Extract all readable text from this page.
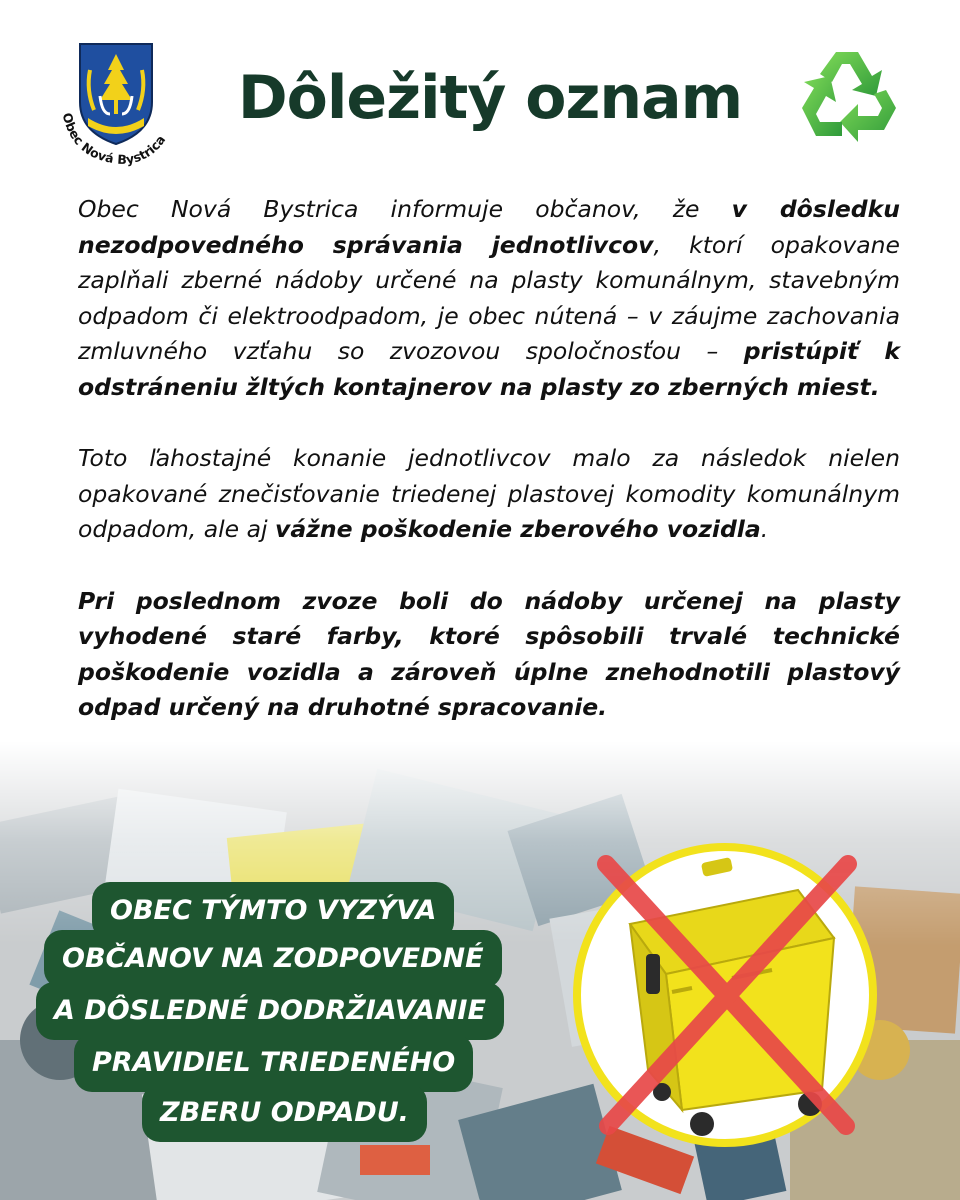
Obec Nová Bystrica
Dôležitý oznam

Obec Nová Bystrica informuje občanov, že v dôsledku nezodpovedného správania jednotlivcov, ktorí opakovane zaplňali zberné nádoby určené na plasty komunálnym, stavebným odpadom či elektroodpadom, je obec nútená – v záujme zachovania zmluvného vzťahu so zvozovou spoločnosťou – pristúpiť k odstráneniu žltých kontajnerov na plasty zo zberných miest.

Toto ľahostajné konanie jednotlivcov malo za následok nielen opakované znečisťovanie triedenej plastovej komodity komunálnym odpadom, ale aj vážne poškodenie zberového vozidla.

Pri poslednom zvoze boli do nádoby určenej na plasty vyhodené staré farby, ktoré spôsobili trvalé technické poškodenie vozidla a zároveň úplne znehodnotili plastový odpad určený na druhotné spracovanie.

OBEC TÝMTO VYZÝVA
OBČANOV NA ZODPOVEDNÉ
A DÔSLEDNÉ DODRŽIAVANIE
PRAVIDIEL TRIEDENÉHO
ZBERU ODPADU.
